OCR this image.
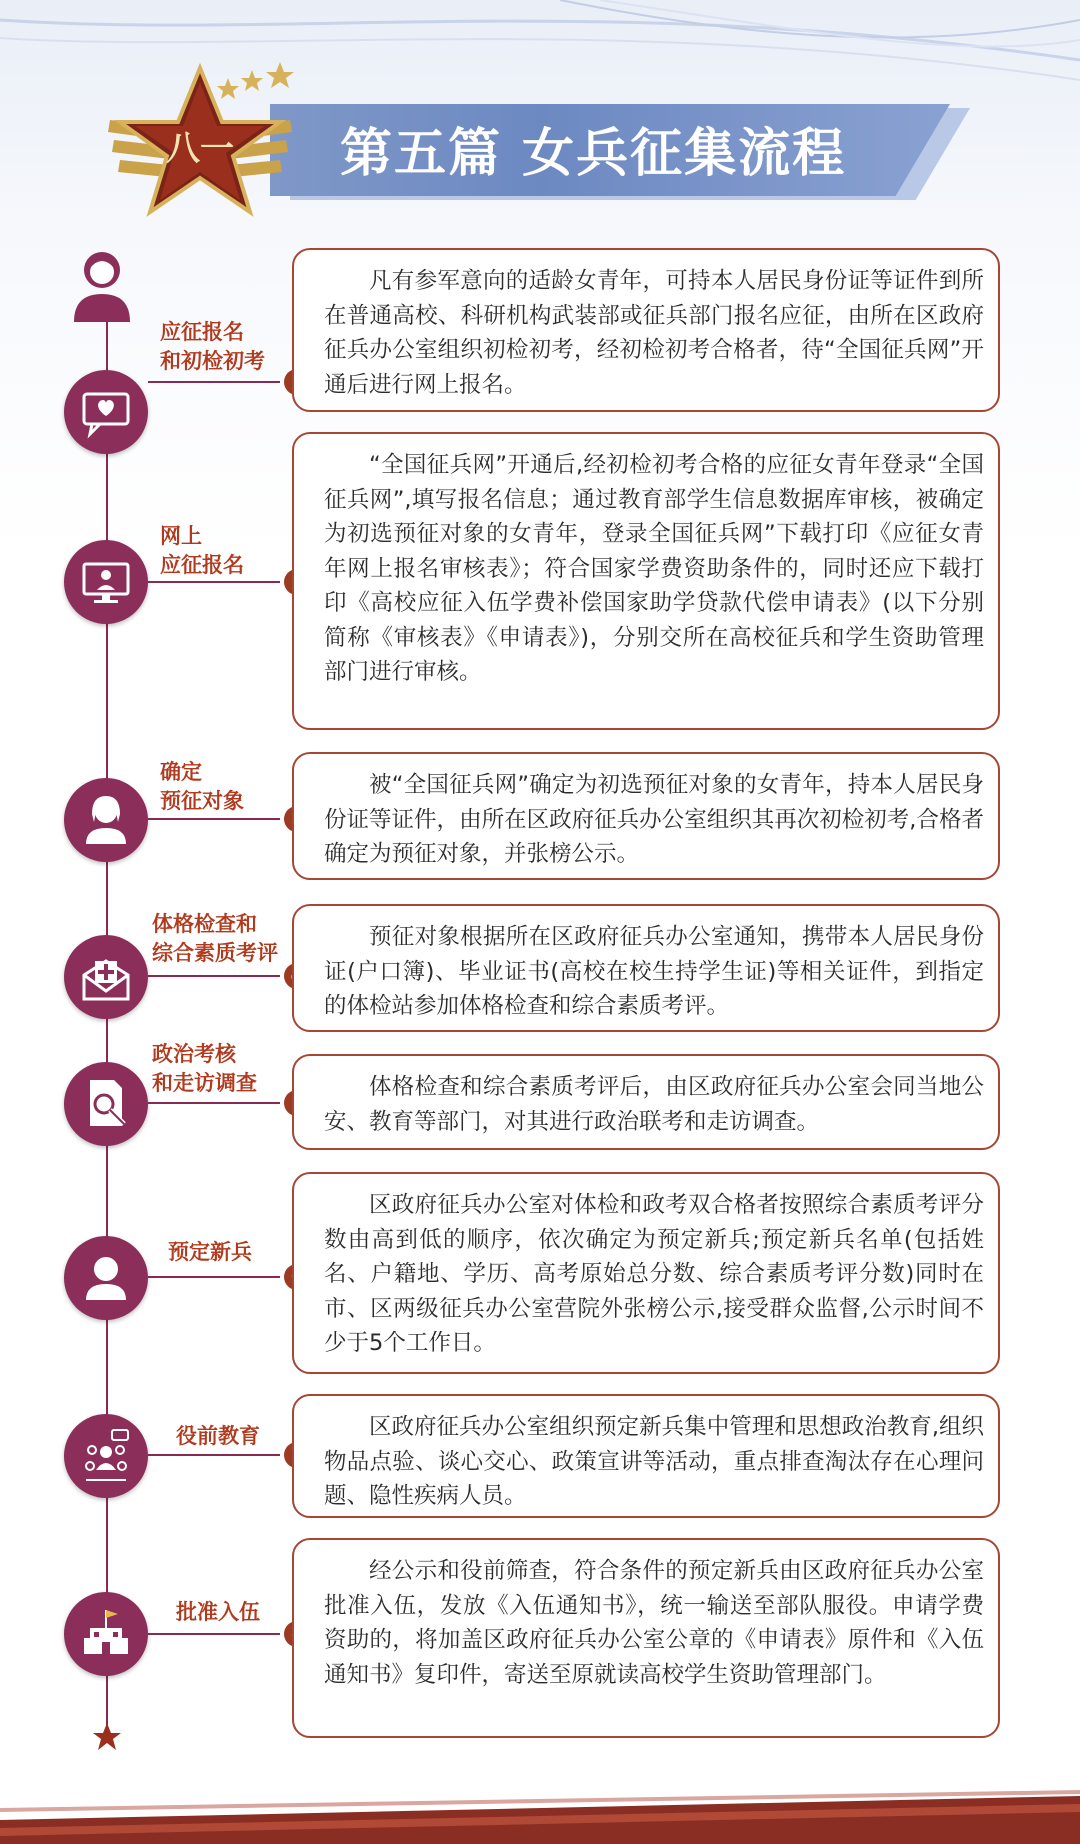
第五篇 女兵征集流程
八一
应征报名
和初检初考

凡有参军意向的适龄女青年，可持本人居民身份证等证件到所在普通高校、科研机构武装部或征兵部门报名应征，由所在区政府征兵办公室组织初检初考，经初检初考合格者，待“全国征兵网”开通后进行网上报名。

网上
应征报名

“全国征兵网”开通后,经初检初考合格的应征女青年登录“全国征兵网”,填写报名信息；通过教育部学生信息数据库审核，被确定为初选预征对象的女青年，登录全国征兵网”下载打印《应征女青年网上报名审核表》；符合国家学费资助条件的，同时还应下载打印《高校应征入伍学费补偿国家助学贷款代偿申请表》(以下分别简称《审核表》《申请表》)，分别交所在高校征兵和学生资助管理部门进行审核。

确定
预征对象

被“全国征兵网”确定为初选预征对象的女青年，持本人居民身份证等证件，由所在区政府征兵办公室组织其再次初检初考,合格者确定为预征对象，并张榜公示。

体格检查和
综合素质考评

预征对象根据所在区政府征兵办公室通知，携带本人居民身份证(户口簿)、毕业证书(高校在校生持学生证)等相关证件，到指定的体检站参加体格检查和综合素质考评。

政治考核
和走访调查	体格检查和综合素质考评后，由区政府征兵办公室会同当地公安、教育等部门，对其进行政治联考和走访调查。

预定新兵

区政府征兵办公室对体检和政考双合格者按照综合素质考评分数由高到低的顺序，依次确定为预定新兵;预定新兵名单(包括姓名、户籍地、学历、高考原始总分数、综合素质考评分数)同时在市、区两级征兵办公室营院外张榜公示,接受群众监督,公示时间不少于5个工作日。

役前教育	区政府征兵办公室组织预定新兵集中管理和思想政治教育,组织物品点验、谈心交心、政策宣讲等活动，重点排查淘汰存在心理问题、隐性疾病人员。

批准入伍

经公示和役前筛查，符合条件的预定新兵由区政府征兵办公室批准入伍，发放《入伍通知书》，统一输送至部队服役。申请学费资助的，将加盖区政府征兵办公室公章的《申请表》原件和《入伍通知书》复印件，寄送至原就读高校学生资助管理部门。
